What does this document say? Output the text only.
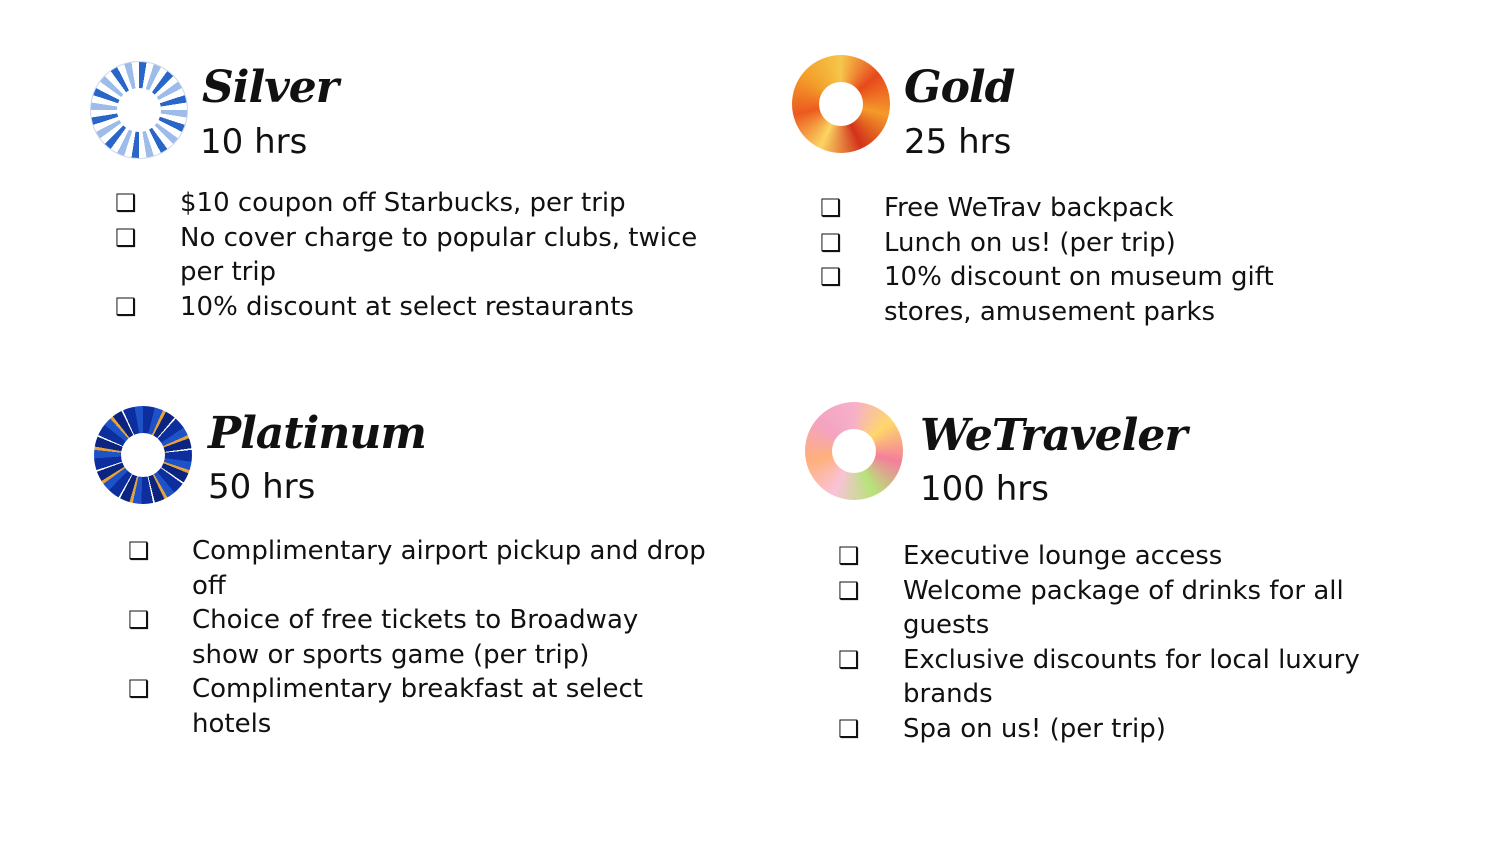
Silver
10 hrs
❑ $10 coupon off Starbucks, per trip
❑ No cover charge to popular clubs, twice per trip
❑ 10% discount at select restaurants
Gold
25 hrs
❑ Free WeTrav backpack
❑ Lunch on us! (per trip)
❑ 10% discount on museum gift stores, amusement parks
Platinum
50 hrs
❑ Complimentary airport pickup and drop off
❑ Choice of free tickets to Broadway show or sports game (per trip)
❑ Complimentary breakfast at select hotels
WeTraveler
100 hrs
❑ Executive lounge access
❑ Welcome package of drinks for all guests
❑ Exclusive discounts for local luxury brands
❑ Spa on us! (per trip)
